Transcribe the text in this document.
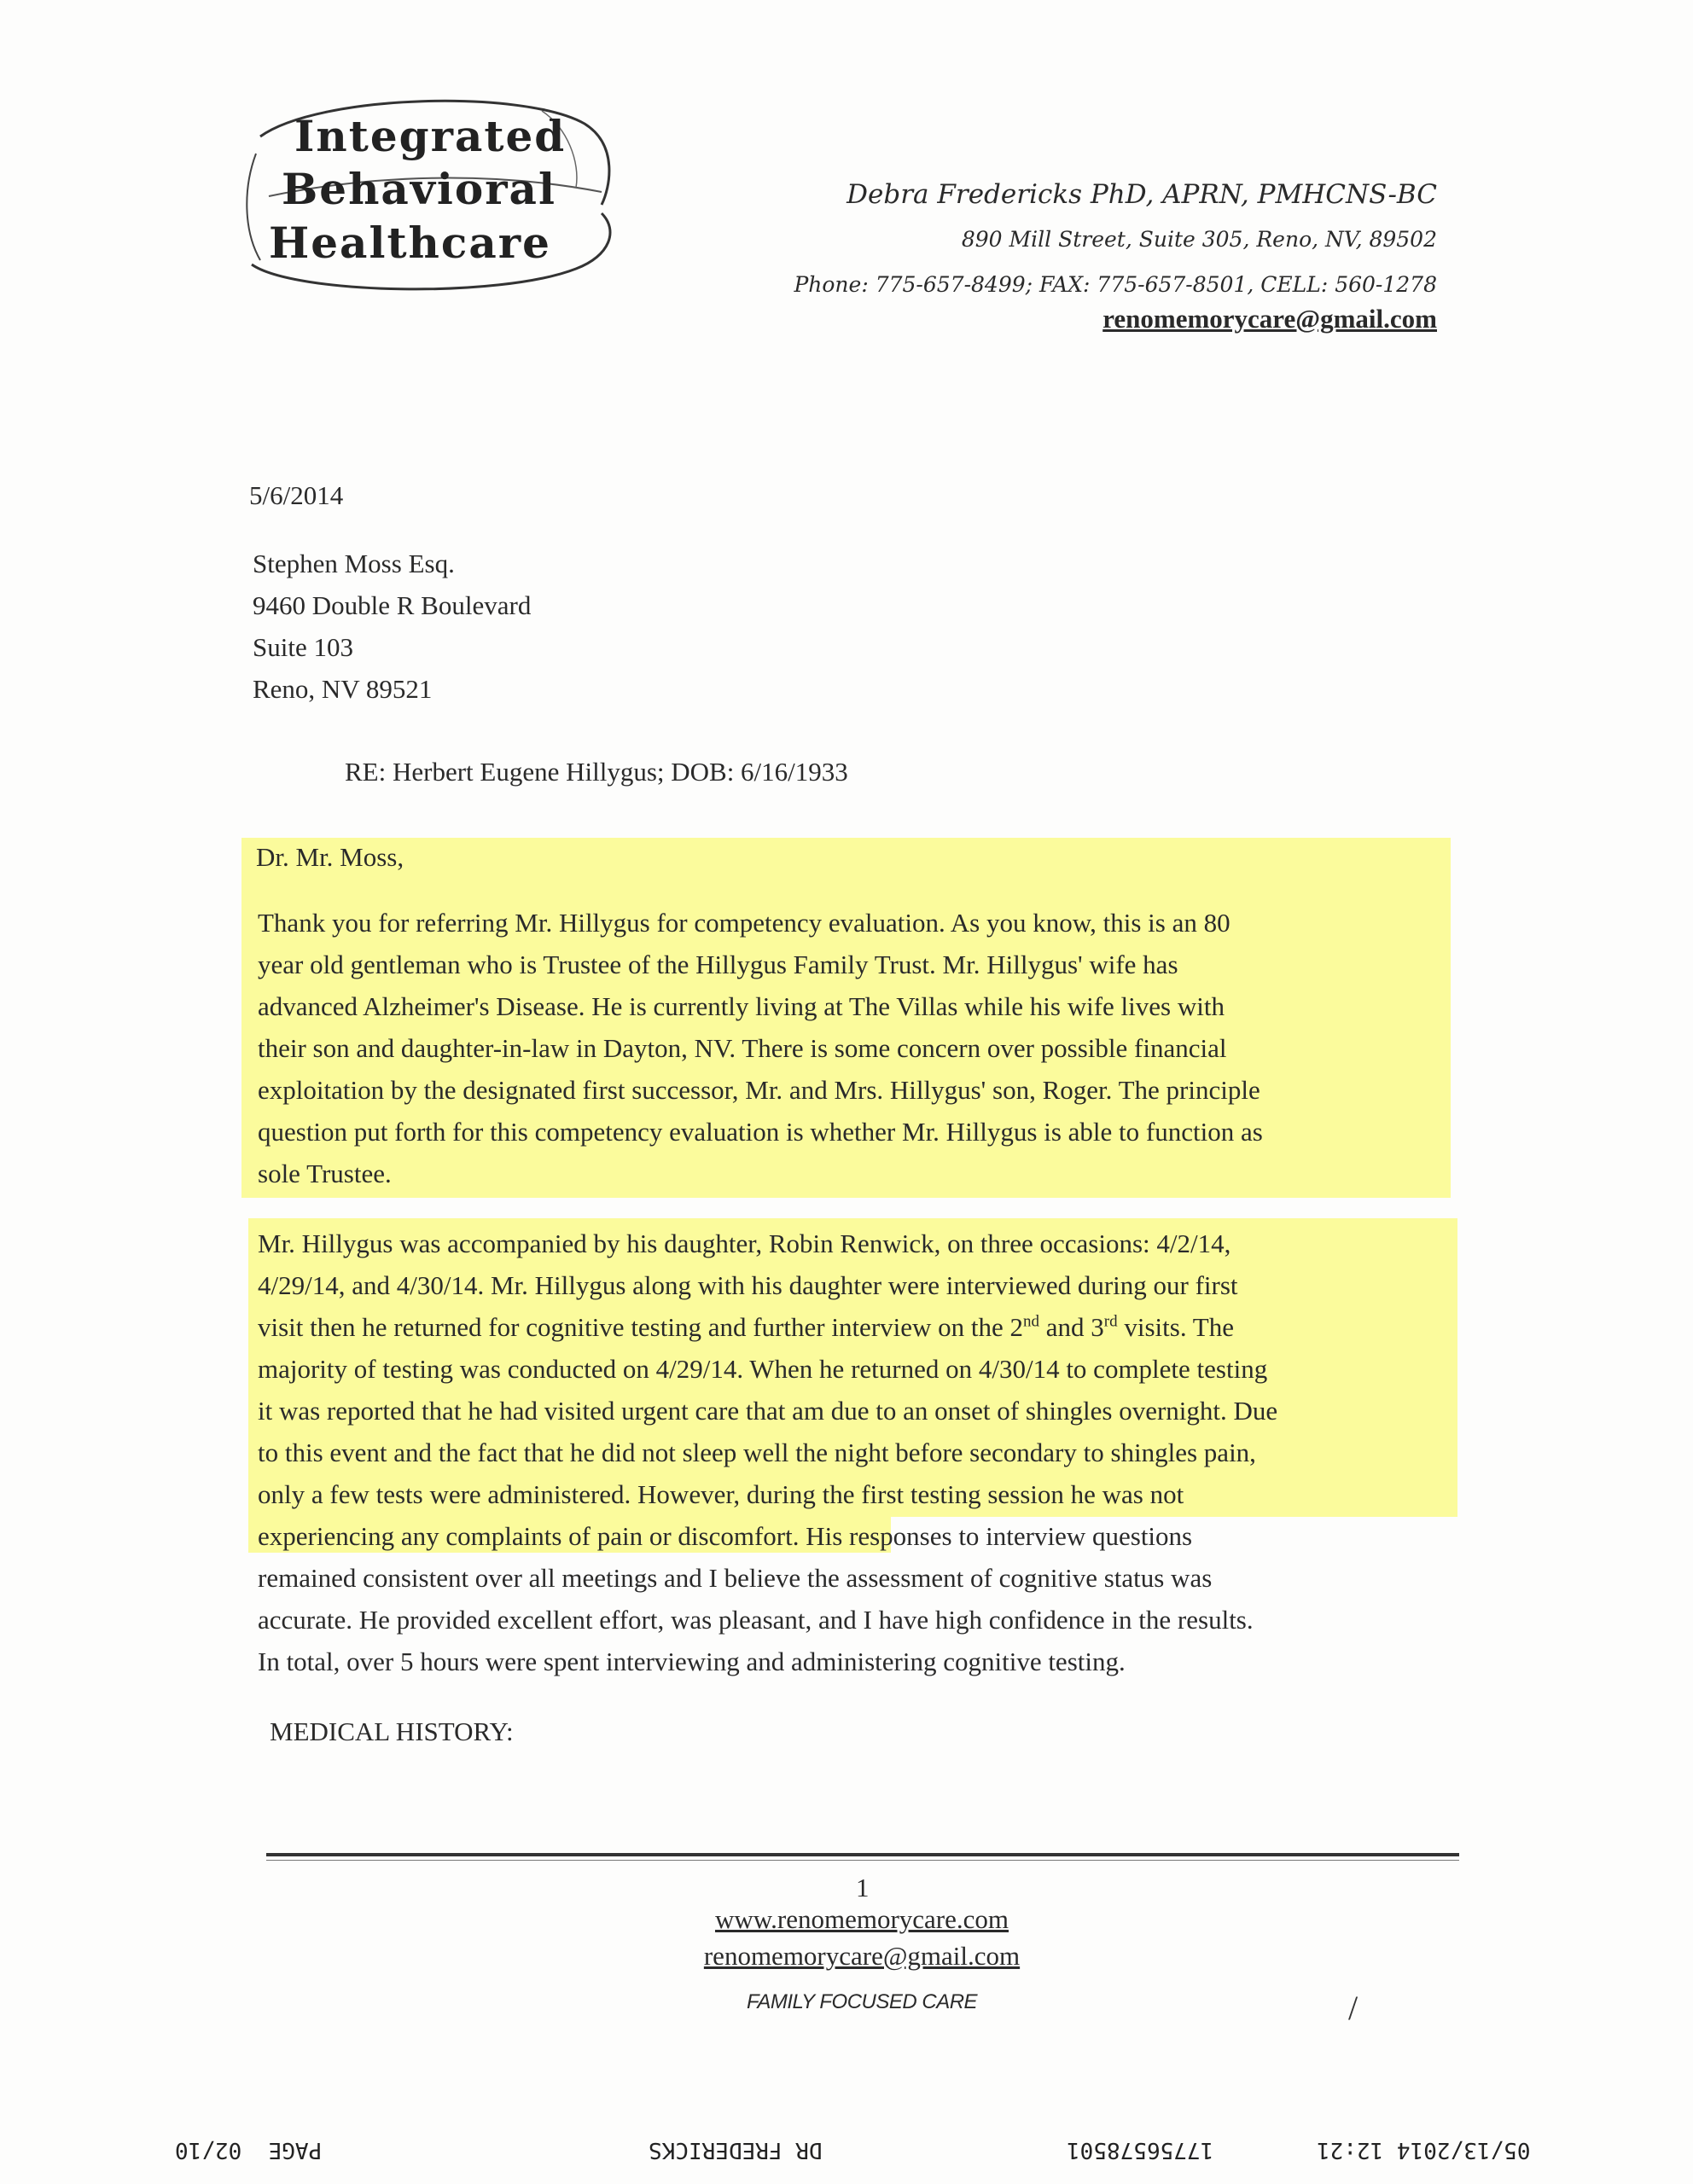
Integrated
Behavioral
Healthcare
Debra Fredericks PhD, APRN, PMHCNS-BC
890 Mill Street, Suite 305, Reno, NV, 89502
Phone: 775-657-8499; FAX: 775-657-8501, CELL: 560-1278
renomemorycare@gmail.com
5/6/2014
Stephen Moss Esq.
9460 Double R Boulevard
Suite 103
Reno, NV 89521
RE: Herbert Eugene Hillygus; DOB: 6/16/1933
Dr. Mr. Moss,
Thank you for referring Mr. Hillygus for competency evaluation. As you know, this is an 80
year old gentleman who is Trustee of the Hillygus Family Trust. Mr. Hillygus' wife has
advanced Alzheimer's Disease. He is currently living at The Villas while his wife lives with
their son and daughter-in-law in Dayton, NV. There is some concern over possible financial
exploitation by the designated first successor, Mr. and Mrs. Hillygus' son, Roger. The principle
question put forth for this competency evaluation is whether Mr. Hillygus is able to function as
sole Trustee.
Mr. Hillygus was accompanied by his daughter, Robin Renwick, on three occasions: 4/2/14,
4/29/14, and 4/30/14. Mr. Hillygus along with his daughter were interviewed during our first
visit then he returned for cognitive testing and further interview on the 2nd and 3rd visits. The
majority of testing was conducted on 4/29/14. When he returned on 4/30/14 to complete testing
it was reported that he had visited urgent care that am due to an onset of shingles overnight. Due
to this event and the fact that he did not sleep well the night before secondary to shingles pain,
only a few tests were administered. However, during the first testing session he was not
experiencing any complaints of pain or discomfort. His responses to interview questions
remained consistent over all meetings and I believe the assessment of cognitive status was
accurate. He provided excellent effort, was pleasant, and I have high confidence in the results.
In total, over 5 hours were spent interviewing and administering cognitive testing.
MEDICAL HISTORY:
1
www.renomemorycare.com
renomemorycare@gmail.com
FAMILY FOCUSED CARE	/
PAGE  02/10	DR FREDERICKS	17756578501	05/13/2014 12:21
